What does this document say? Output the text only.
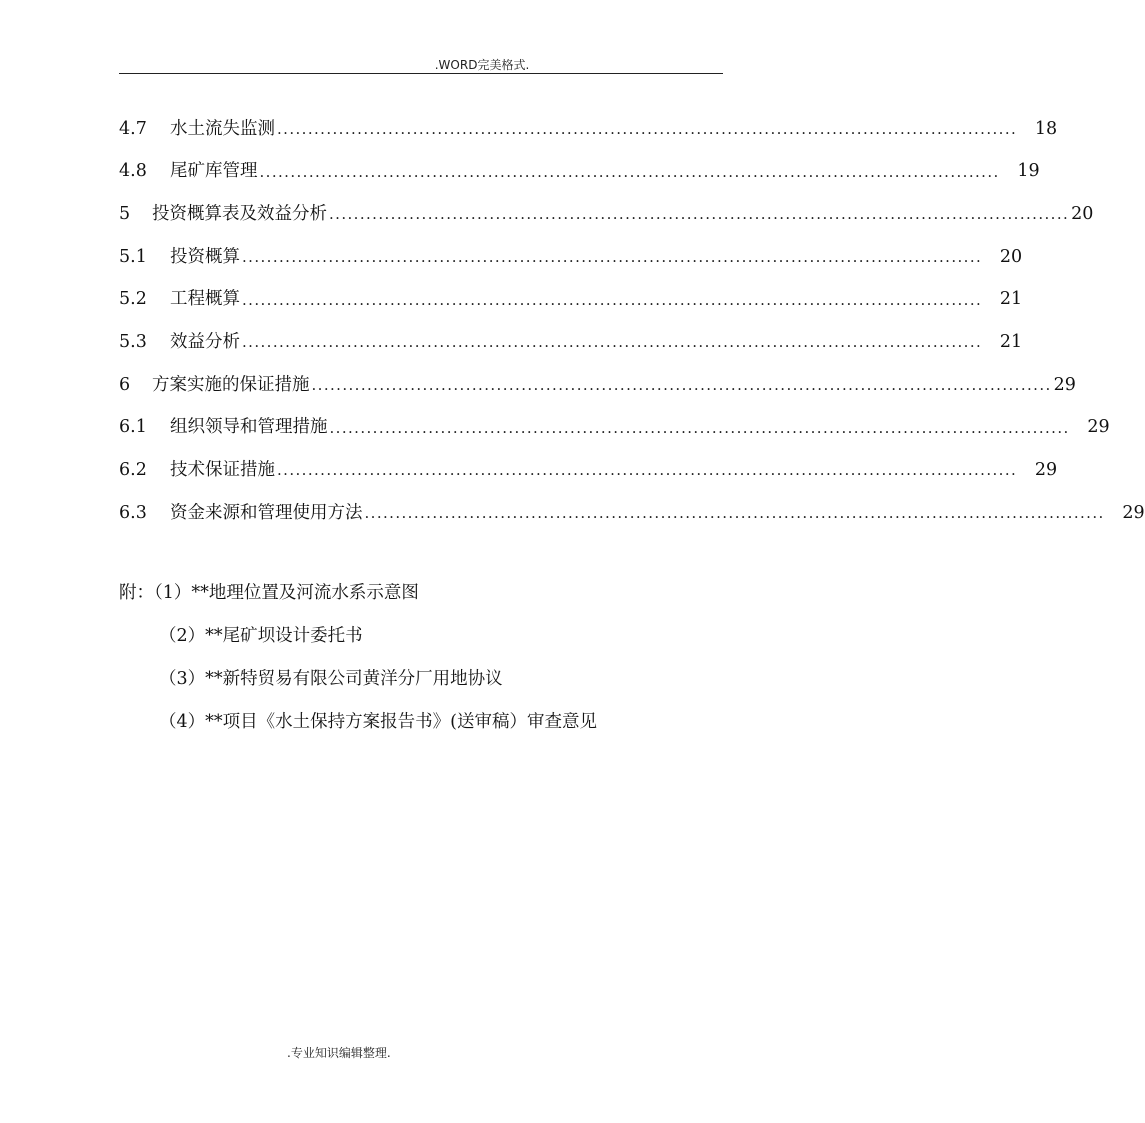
.WORD完美格式.
4.7	水土流失监测 ........................................................................................................................	18
4.8	尾矿库管理 ........................................................................................................................	19
5	投资概算表及效益分析 ........................................................................................................................ 20
5.1	投资概算 ........................................................................................................................	20
5.2	工程概算 ........................................................................................................................	21
5.3	效益分析 ........................................................................................................................	21
6	方案实施的保证措施 ........................................................................................................................ 29
6.1	组织领导和管理措施 ........................................................................................................................	29
6.2	技术保证措施 ........................................................................................................................	29
6.3	资金来源和管理使用方法 ........................................................................................................................	29
附：（1）**地理位置及河流水系示意图
（2）**尾矿坝设计委托书
（3）**新特贸易有限公司黄洋分厂用地协议
（4）**项目《水土保持方案报告书》(送审稿）审查意见
.专业知识编辑整理.
